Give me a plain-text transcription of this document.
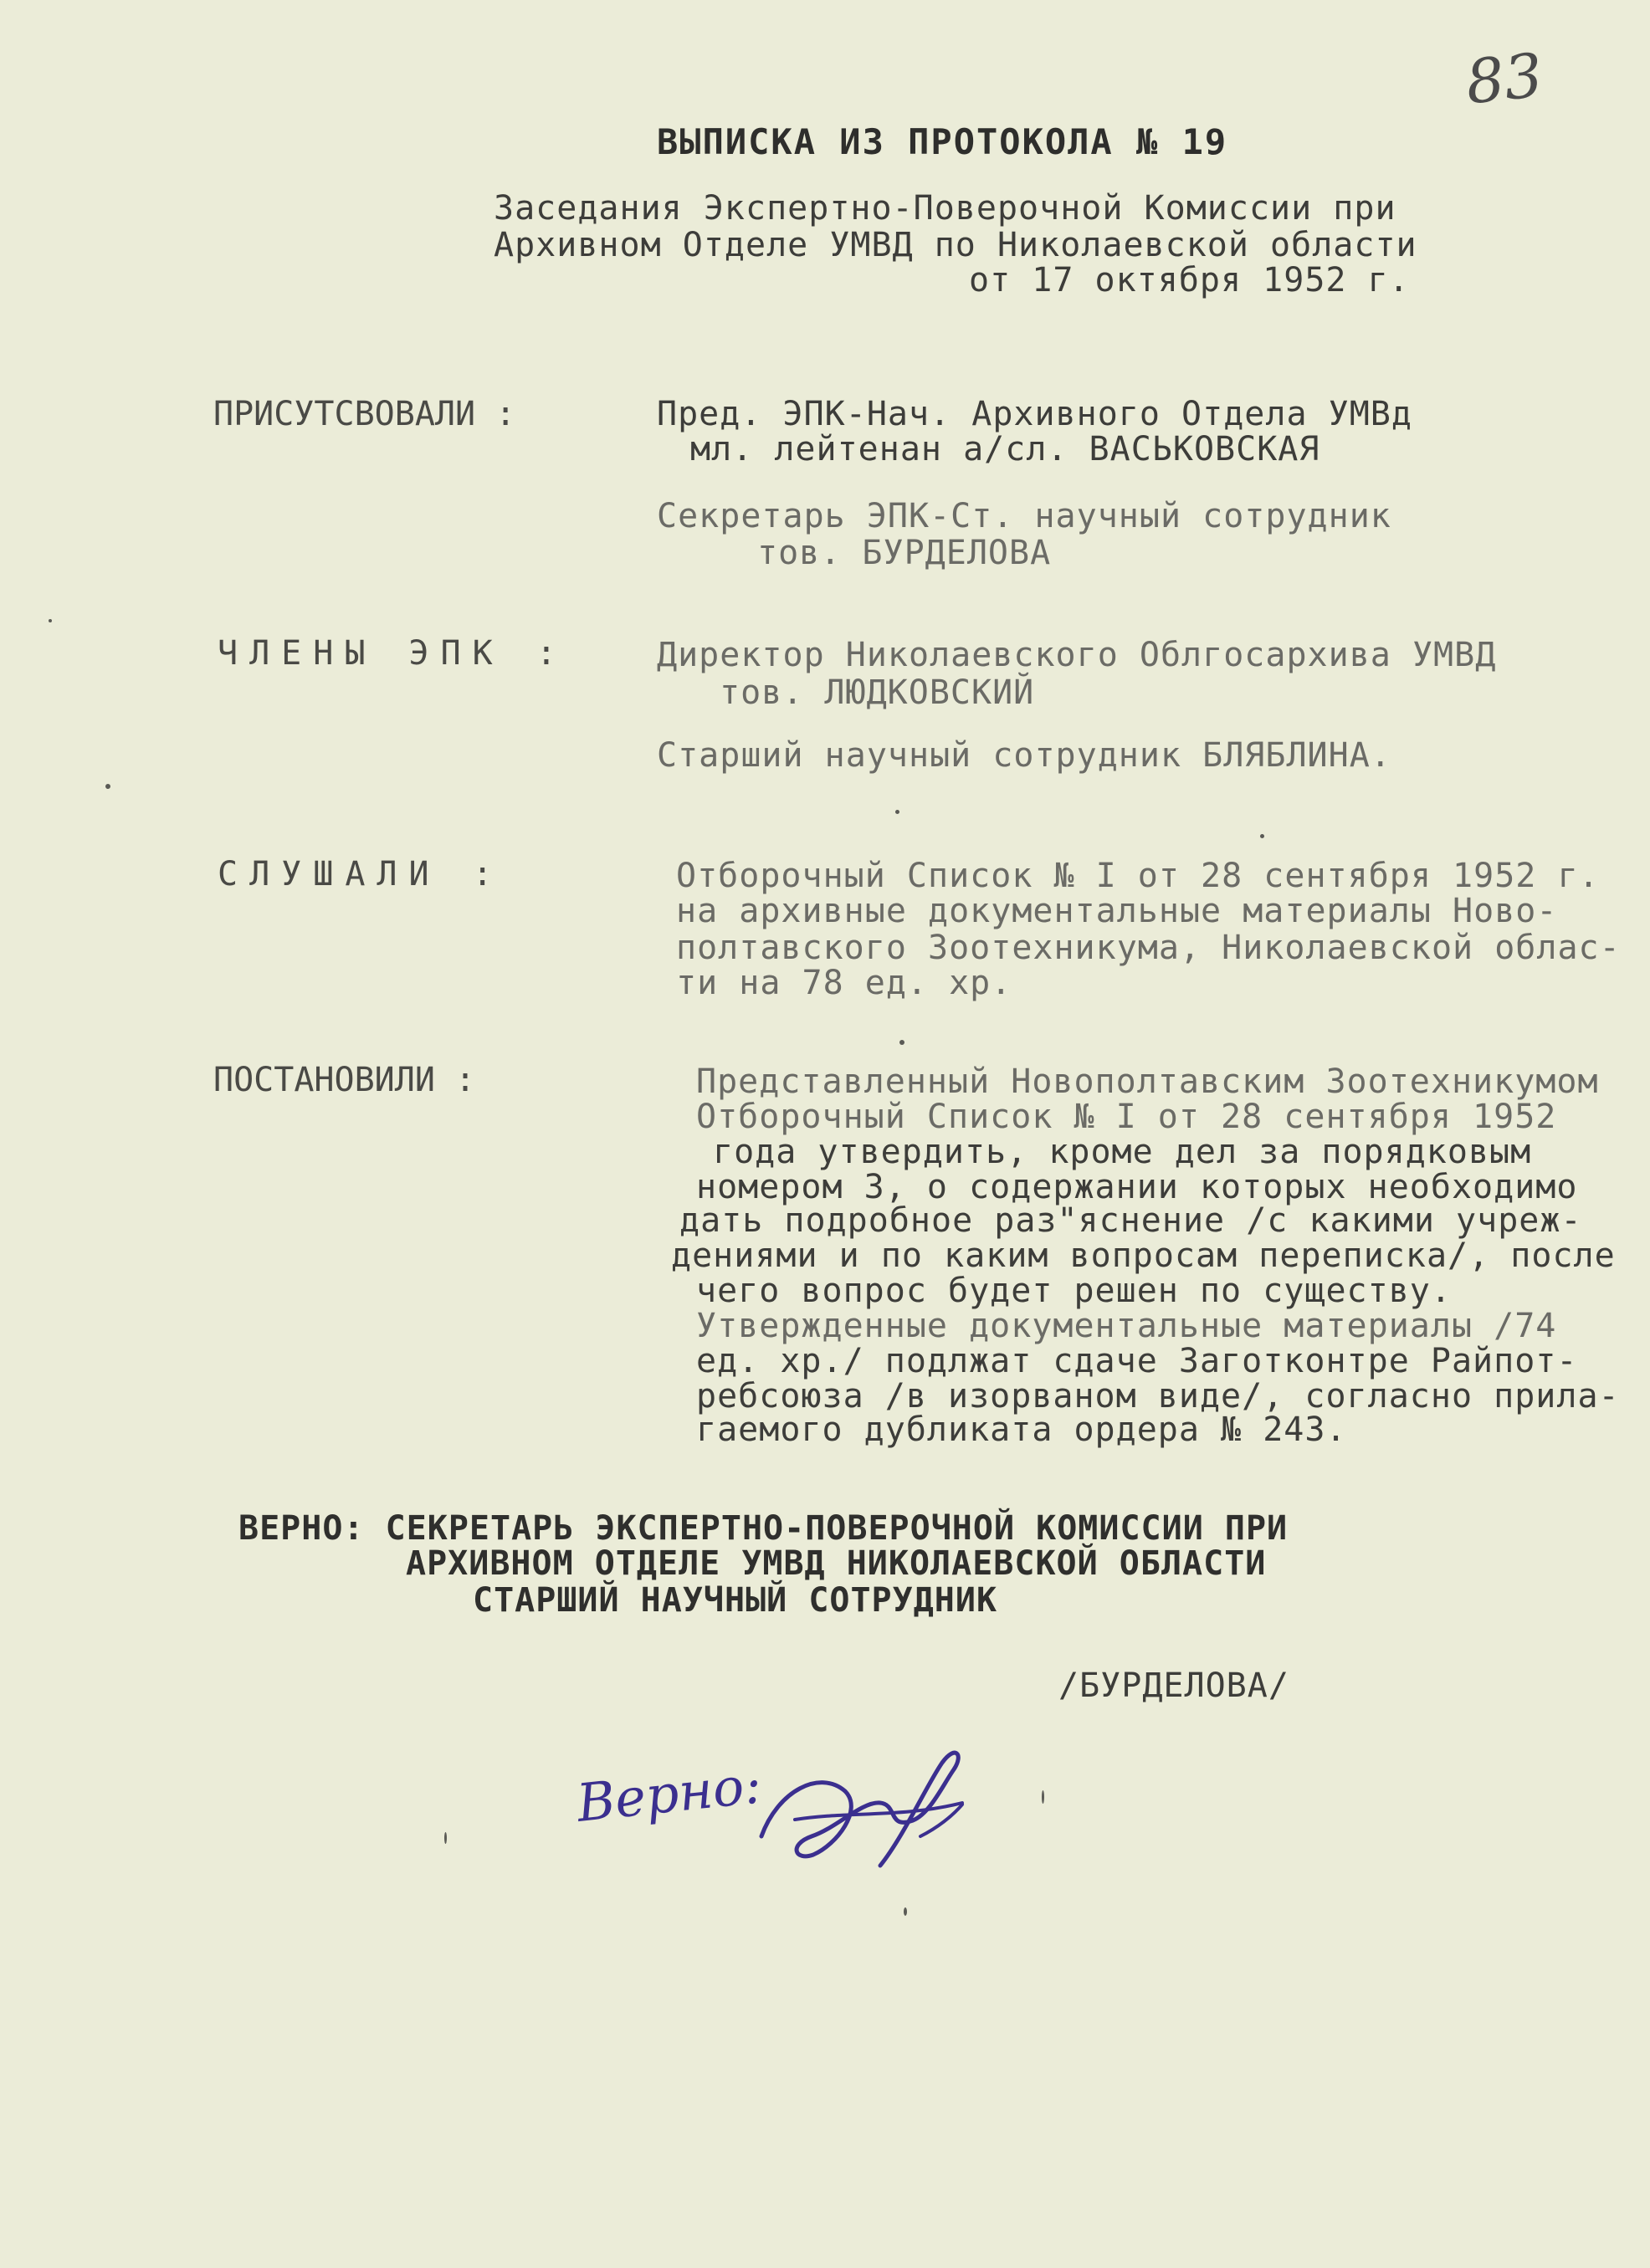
83
ВЫПИСКА ИЗ ПРОТОКОЛА № 19
Заседания Экспертно-Поверочной Комиссии при
Архивном Отделе УМВД по Николаевской области
от 17 октября 1952 г.
ПРИСУТСВОВАЛИ :	Пред. ЭПК-Нач. Архивного Отдела УМВд
мл. лейтенан а/сл. ВАСЬКОВСКАЯ
Секретарь ЭПК-Ст. научный сотрудник
тов. БУРДЕЛОВА
ЧЛЕНЫ ЭПК :	Директор Николаевского Облгосархива УМВД
тов. ЛЮДКОВСКИЙ
Старший научный сотрудник БЛЯБЛИНА.
СЛУШАЛИ :	Отборочный Список № I от 28 сентября 1952 г.
на архивные документальные материалы Ново-
полтавского Зоотехникума, Николаевской облас-
ти на 78 ед. хр.
ПОСТАНОВИЛИ :	Представленный Новополтавским Зоотехникумом
Отборочный Список № I от 28 сентября 1952
года утвердить, кроме дел за порядковым
номером 3, о содержании которых необходимо
дать подробное раз"яснение /с какими учреж-
дениями и по каким вопросам переписка/, после
чего вопрос будет решен по существу.
Утвержденные документальные материалы /74
ед. хр./ подлжат сдаче Заготконтре Райпот-
ребсоюза /в изорваном виде/, согласно прила-
гаемого дубликата ордера № 243.
ВЕРНО: СЕКРЕТАРЬ ЭКСПЕРТНО-ПОВЕРОЧНОЙ КОМИССИИ ПРИ
АРХИВНОМ ОТДЕЛЕ УМВД НИКОЛАЕВСКОЙ ОБЛАСТИ
СТАРШИЙ НАУЧНЫЙ СОТРУДНИК
/БУРДЕЛОВА/
Верно:
